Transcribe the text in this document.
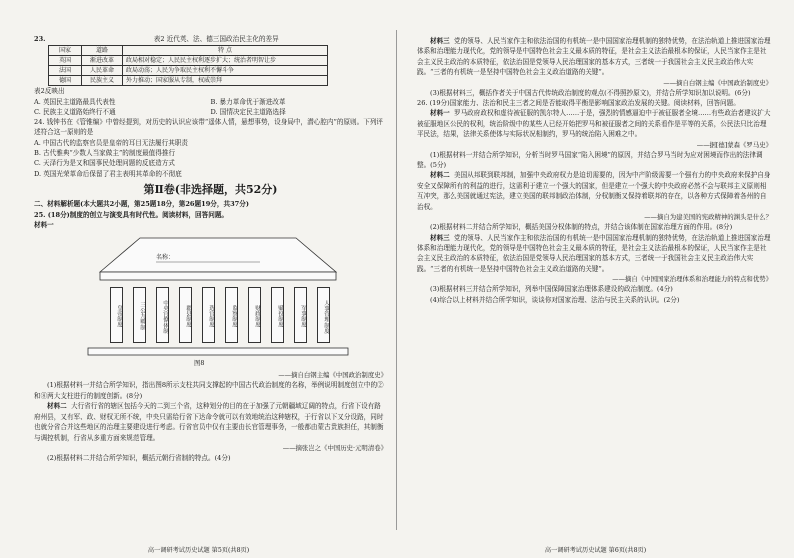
23.	表2 近代英、法、德三国政治民主化的差异

国家	道路	特 点
英国	渐进改革	政局相对稳定；人民民主权利逐步扩大；统治者明智让步
法国	人民革命	政局动荡；人民为争取民主权利不懈斗争
德国	民族主义	外力推动；国家服从专制，权威崇拜

表2反映出

A. 英国民主道路最具代表性	B. 暴力革命优于渐进改革
C. 民族主义道路始终行不通	D. 国情决定民主道路选择

24. 钱钟书在《管锥编》中曾经提到，对历史的认识应该带“遥体人情，悬想事势，设身局中，潜心腔内”的原则。下列评述符合这一原则的是

A. 中国古代的监察官员是皇帝的耳目无法履行其职责

B. 古代雅典“少数人当家做主”的制度最值得推行

C. 天泽行为是又和国事民处理问题的反底造方式

D. 英国光荣革命后保留了君主表明其革命的不彻底

第Ⅱ卷(非选择题，共52分)

二、材料解析题(本大题共2小题，第25题18分，第26题19分，共37分)

25. (18分)制度的创立与演变具有时代性。阅读材料，回答问题。

材料一

名称：
皇帝制度	三公九卿制	中央官僚体制	郡县制度	选官制度	监察制度	财政制度	赋役制度	军事制度	人事管理制度
图8

——摘自白钢主编《中国政治制度史》

(1)根据材料一并结合所学知识，指出图8所示支柱共同支撑起的中国古代政治制度的名称，举例说明制度创立中的②和⑧两大支柱进行的制度创新。(8分)

材料二 大行省行省的辖区包括今天的二到三个省，这种划分的目的在于加强了元朝疆域辽阔的特点，行省下设有路府州县，又有军、政、财权无所不统，中央只需给行省下达命令就可以有效地统治这种辖权，于行省以下又分设路，同时也就分省合并这些地区的治理主要建设进行考虑。行省官员中仅有主要由长官管理事务，一般都由蒙古贵族担任，其制衡与调控机制，行省从多重方面来规范管理。

——摘张岂之《中国历史·元明清卷》

(2)根据材料二并结合所学知识，概括元朝行省制的特点。(4分)

高一调研考试历史试题 第5页(共8页)

材料三 党的领导、人民当家作主和依法治国的有机统一是中国国家治理机制的独特优势，在法治轨道上推进国家治理体系和治理能力现代化，党的领导是中国特色社会主义最本质的特征，是社会主义法治最根本的保证，人民当家作主是社会主义民主政治的本质特征，依法治国是党领导人民治理国家的基本方式，三者统一于我国社会主义民主政治伟大实践。“三者的有机统一是坚持中国特色社会主义政治道路的关键”。

——摘自白钢主编《中国政治制度史》

(3)根据材料三，概括作者关于中国古代传统政治制度的观点(不得照抄原文)，并结合所学知识加以说明。(6分)

26. (19分)国家能力、法治和民主三者之间是否能取得平衡是影响国家政治发展的关键。阅读材料，回答问题。

材料一 罗马政府政权和虚待被征服的凯尔特人……于是，强烈的情感逼迫中于被征服者全境……有些政治者建议扩大被征服地区公民的权利，统治阶级中的某些人已经开始把罗马和被征服者之间的关系看作是平等的关系，公民法只比治理平民法，结果，法律关系使体与实际状况相制约，罗马的统治陷入困难之中。

——据[德]蒙森《罗马史》

(1)根据材料一并结合所学知识，分析当时罗马国家“陷入困境”的原因，并结合罗马当时为应对困境而作出的法律调整。(5分)

材料二 美国从邦联到联邦制，加强中央政府权力是迫切需要的，因为中产阶级需要一个强有力的中央政府来保护自身安全又保障所有的利益的进行，这需利于建立一个强大的国家，但是建立一个强大的中央政府必然不会与联邦主义原则相互冲突，那么美国就通过宪法，建立美国的联邦制政治体制，分权制衡又保持着联邦的存在，以各种方式保障着各州的自治权。

——摘自为建美国的宪政精神的渊头是什么？

(2)根据材料二并结合所学知识，概括美国分权体制的特点，并结合该体制在国家治理方面的作用。(8分)

材料三 党的领导、人民当家作主和依法治国的有机统一是中国国家治理机制的独特优势，在法治轨道上推进国家治理体系和治理能力现代化，党的领导是中国特色社会主义最本质的特征，是社会主义法治最根本的保证，人民当家作主是社会主义民主政治的本质特征，依法治国是党领导人民治理国家的基本方式，三者统一于我国社会主义民主政治伟大实践。“三者的有机统一是坚持中国特色社会主义政治道路的关键”。

——摘自《中国国家治理体系和治理能力的特点和优势》

(3)根据材料三并结合所学知识，列举中国保障国家治理体系建设的政治制度。(4分)

(4)综合以上材料并结合所学知识，谈谈你对国家治理、法治与民主关系的认识。(2分)

高一调研考试历史试题 第6页(共8页)
